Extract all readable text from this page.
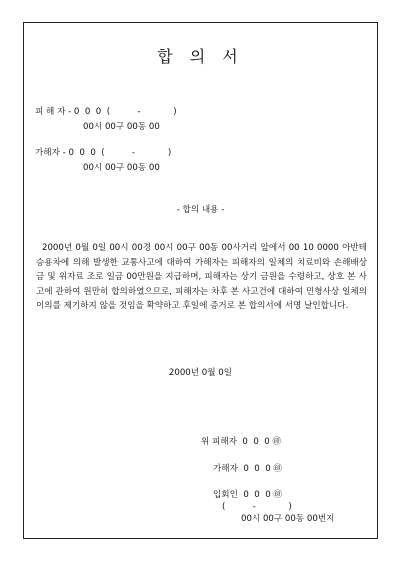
합 의 서
피 해 자 - 0  0  0  (          -            )
00시 00구 00동 00
가해자 - 0  0  0  (          -            )
00시 00구 00동 00
- 합의 내용 -
2000년 0월 0일 00시 00경 00시 00구 00동 00사거리 앞에서 00 10 0000 아반테 승용차에 의해 발생한 교통사고에 대하여 가해자는 피해자의 일체의 치료비와 손해배상금 및 위자료 조로 일금 00만원을 지급하며, 피해자는 상기 금원을 수령하고, 상호 본 사고에 관하여 원만히 합의하였으므로, 피해자는 차후 본 사고건에 대하여 민형사상 일체의 이의를 제기하지 않을 것임을 확약하고 후일에 증거로 본 합의서에 서명 날인합니다.
2000년 0월 0일
위 피해자  0  0  0 ㊞
가해자  0  0  0 ㊞
입회인  0  0  0 ㊞
(          -            )
00시 00구 00동 00번지
